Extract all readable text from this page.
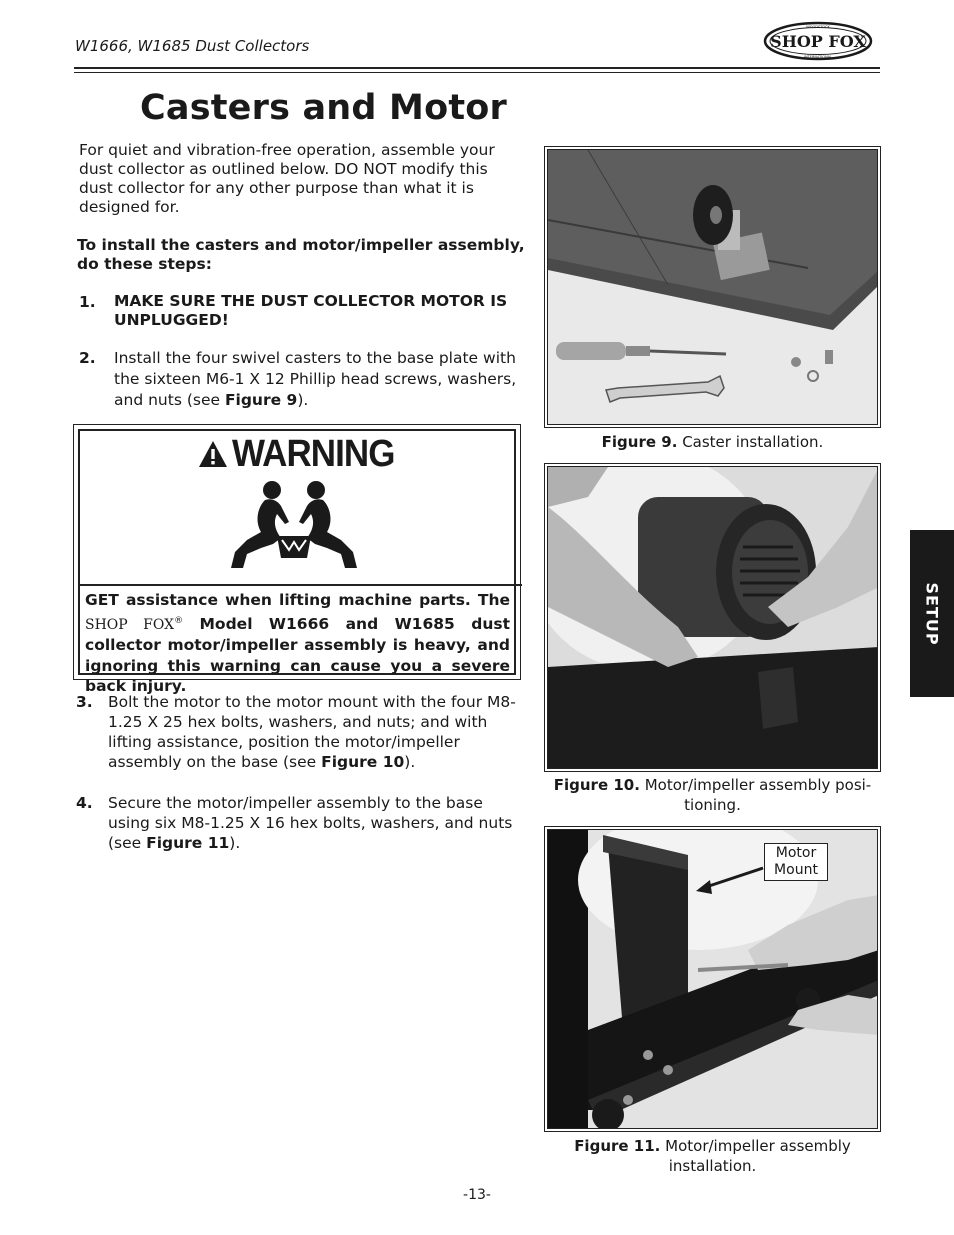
W1666, W1685 Dust Collectors	SHOP FOX
WOODSTOCK
INTERNATIONAL
Casters and Motor
For quiet and vibration-free operation, assemble your dust collector as outlined below. DO NOT modify this dust collector for any other purpose than what it is designed for.
To install the casters and motor/impeller assembly, do these steps:
1. MAKE SURE THE DUST COLLECTOR MOTOR IS UNPLUGGED!
2. Install the four swivel casters to the base plate with the sixteen M6-1 X 12 Phillip head screws, washers, and nuts (see Figure 9).
WARNING
GET assistance when lifting machine parts. The SHOP FOX® Model W1666 and W1685 dust collector motor/impeller assembly is heavy, and ignoring this warning can cause you a severe back injury.
3. Bolt the motor to the motor mount with the four M8-1.25 X 25 hex bolts, washers, and nuts; and with lifting assistance, position the motor/impeller assembly on the base (see Figure 10).
4. Secure the motor/impeller assembly to the base using six M8-1.25 X 16 hex bolts, washers, and nuts (see Figure 11).
Figure 9. Caster installation.
Figure 10. Motor/impeller assembly posi-tioning.
Motor Mount
Figure 11. Motor/impeller assembly installation.
SETUP
-13-
